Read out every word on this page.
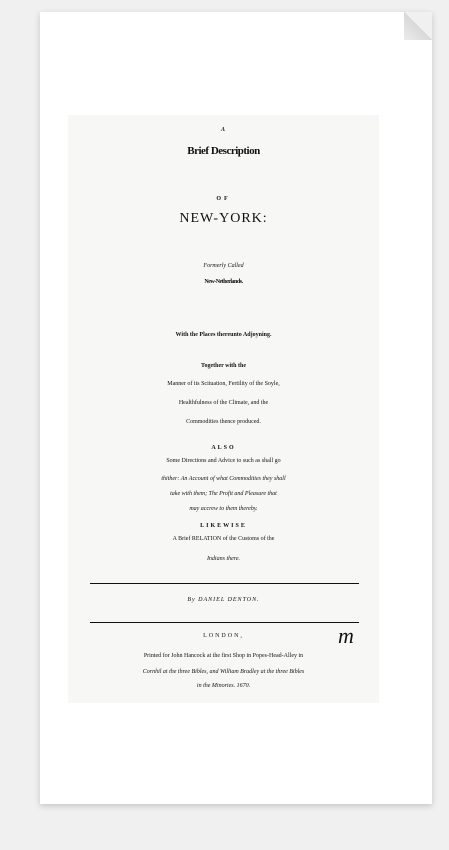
A
Brief Description
OF
NEW-YORK:
Formerly Called
New-Netherlands.
With the Places thereunto Adjoyning.
Together with the
Manner of its Scituation, Fertility of the Soyle,
Healthfulness of the Climate, and the
Commodities thence produced.
ALSO
Some Directions and Advice to such as shall go
thither: An Account of what Commodities they shall
take with them; The Profit and Pleasure that
may accrew to them thereby.
LIKEWISE
A Brief RELATION of the Customs of the
Indians there.
By DANIEL DENTON.
LONDON,	m
Printed for John Hancock at the first Shop in Popes-Head-Alley in
Cornhil at the three Bibles, and William Bradley at the three Bibles
in the Minories. 1670.
